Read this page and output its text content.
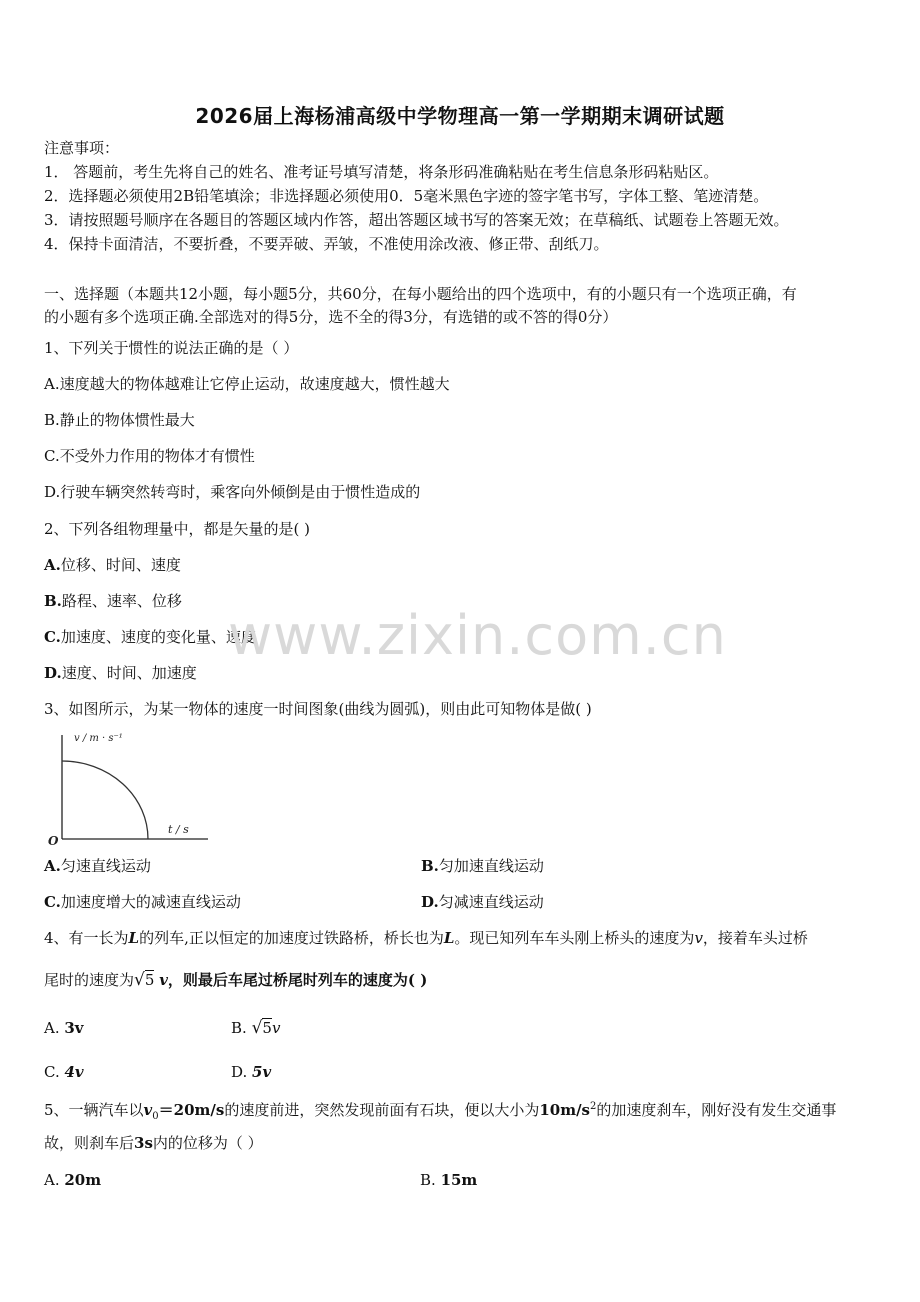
2026届上海杨浦高级中学物理高一第一学期期末调研试题
注意事项：
1． 答题前，考生先将自己的姓名、准考证号填写清楚，将条形码准确粘贴在考生信息条形码粘贴区。
2．选择题必须使用2B铅笔填涂；非选择题必须使用0．5毫米黑色字迹的签字笔书写，字体工整、笔迹清楚。
3．请按照题号顺序在各题目的答题区域内作答，超出答题区域书写的答案无效；在草稿纸、试题卷上答题无效。
4．保持卡面清洁，不要折叠，不要弄破、弄皱，不准使用涂改液、修正带、刮纸刀。
一、选择题（本题共12小题，每小题5分，共60分，在每小题给出的四个选项中，有的小题只有一个选项正确，有
的小题有多个选项正确.全部选对的得5分，选不全的得3分，有选错的或不答的得0分）
1、下列关于惯性的说法正确的是（ ）
A.速度越大的物体越难让它停止运动，故速度越大，惯性越大
B.静止的物体惯性最大
C.不受外力作用的物体才有惯性
D.行驶车辆突然转弯时，乘客向外倾倒是由于惯性造成的
2、下列各组物理量中，都是矢量的是( )
A.位移、时间、速度
B.路程、速率、位移
C.加速度、速度的变化量、速度
D.速度、时间、加速度
www.zixin.com.cn
3、如图所示，为某一物体的速度一时间图象(曲线为圆弧)，则由此可知物体是做( )
v / m · s⁻¹
t / s
O
A.匀速直线运动	B.匀加速直线运动
C.加速度增大的减速直线运动	D.匀减速直线运动
4、有一长为L的列车,正以恒定的加速度过铁路桥，桥长也为L。现已知列车车头刚上桥头的速度为v，接着车头过桥
尾时的速度为√5 v，则最后车尾过桥尾时列车的速度为( )
A. 3v	B. √5v
C. 4v	D. 5v
5、一辆汽车以$v_0=20m/s$的速度前进，突然发现前面有石块，便以大小为$10m/s^2$的加速度刹车，刚好没有发生交通事
故，则刹车后3s内的位移为（ ）
A. 20m	B. 15m
